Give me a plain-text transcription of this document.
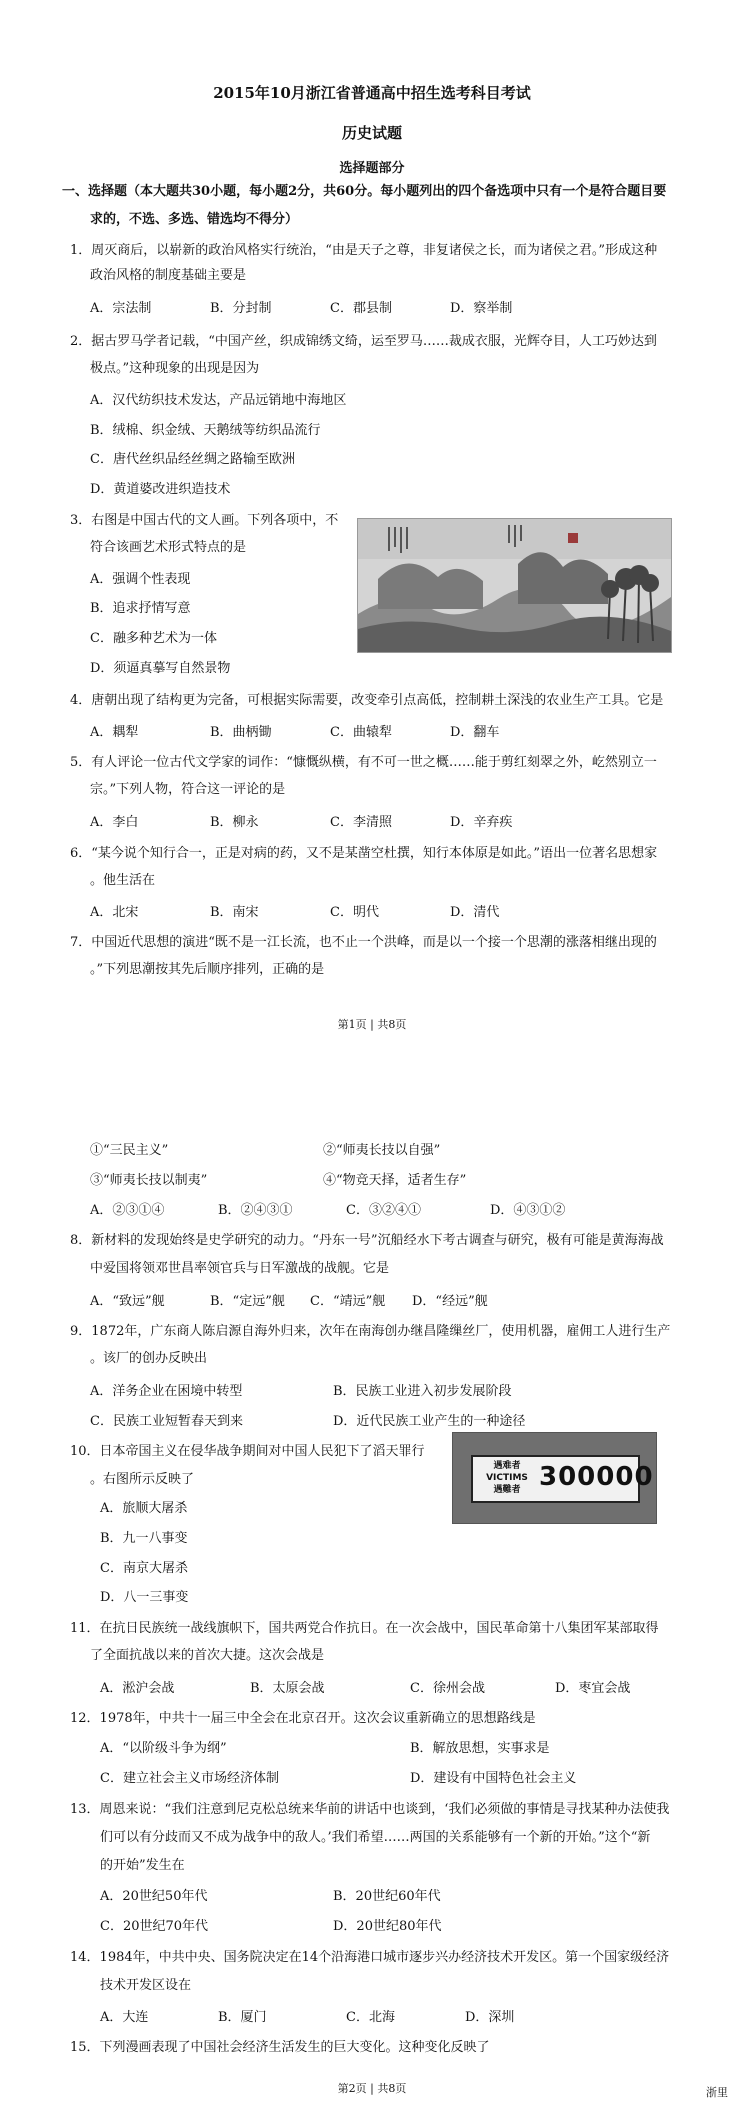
2015年10月浙江省普通高中招生选考科目考试
历史试题
选择题部分
一、选择题（本大题共30小题，每小题2分，共60分。每小题列出的四个备选项中只有一个是符合题目要
求的，不选、多选、错选均不得分）
1．周灭商后，以崭新的政治风格实行统治，“由是天子之尊，非复诸侯之长，而为诸侯之君。”形成这种
政治风格的制度基础主要是
A．宗法制	B．分封制	C．郡县制	D．察举制
2．据古罗马学者记载，“中国产丝，织成锦绣文绮，运至罗马……裁成衣服，光辉夺目，人工巧妙达到
极点。”这种现象的出现是因为
A．汉代纺织技术发达，产品远销地中海地区
B．绒棉、织金绒、天鹅绒等纺织品流行
C．唐代丝织品经丝绸之路输至欧洲
D．黄道婆改进织造技术
3．右图是中国古代的文人画。下列各项中，不
符合该画艺术形式特点的是
A．强调个性表现
B．追求抒情写意
C．融多种艺术为一体
D．须逼真摹写自然景物
4．唐朝出现了结构更为完备，可根据实际需要，改变牵引点高低，控制耕土深浅的农业生产工具。它是
A．耦犁	B．曲柄锄	C．曲辕犁	D．翻车
5．有人评论一位古代文学家的词作：“慷慨纵横，有不可一世之概……能于剪红刻翠之外，屹然别立一
宗。”下列人物，符合这一评论的是
A．李白	B．柳永	C．李清照	D．辛弃疾
6．“某今说个知行合一，正是对病的药，又不是某凿空杜撰，知行本体原是如此。”语出一位著名思想家
。他生活在
A．北宋	B．南宋	C．明代	D．清代
7．中国近代思想的演进“既不是一江长流，也不止一个洪峰，而是以一个接一个思潮的涨落相继出现的
。”下列思潮按其先后顺序排列，正确的是
第1页 | 共8页
①“三民主义”	②“师夷长技以自强”
③“师夷长技以制夷”	④“物竞天择，适者生存”
A．②③①④	B．②④③①	C．③②④①	D．④③①②
8．新材料的发现始终是史学研究的动力。“丹东一号”沉船经水下考古调查与研究，极有可能是黄海海战
中爱国将领邓世昌率领官兵与日军激战的战舰。它是
A．“致远”舰	B．“定远”舰 C．“靖远”舰 D．“经远”舰
9．1872年，广东商人陈启源自海外归来，次年在南海创办继昌隆缫丝厂，使用机器，雇佣工人进行生产
。该厂的创办反映出
A．洋务企业在困境中转型	B．民族工业进入初步发展阶段
C．民族工业短暂春天到来	D．近代民族工业产生的一种途径
10．日本帝国主义在侵华战争期间对中国人民犯下了滔天罪行
。右图所示反映了
A．旅顺大屠杀
B．九一八事变
C．南京大屠杀
D．八一三事变
遇难者
VICTIMS
遇難者 300000
11．在抗日民族统一战线旗帜下，国共两党合作抗日。在一次会战中，国民革命第十八集团军某部取得
了全面抗战以来的首次大捷。这次会战是
A．淞沪会战	B．太原会战	C．徐州会战	D．枣宜会战
12．1978年，中共十一届三中全会在北京召开。这次会议重新确立的思想路线是
A．“以阶级斗争为纲”	B．解放思想，实事求是
C．建立社会主义市场经济体制	D．建设有中国特色社会主义
13．周恩来说：“我们注意到尼克松总统来华前的讲话中也谈到，‘我们必须做的事情是寻找某种办法使我
们可以有分歧而又不成为战争中的敌人。’我们希望……两国的关系能够有一个新的开始。”这个“新
的开始”发生在
A．20世纪50年代	B．20世纪60年代
C．20世纪70年代	D．20世纪80年代
14．1984年，中共中央、国务院决定在14个沿海港口城市逐步兴办经济技术开发区。第一个国家级经济
技术开发区设在
A．大连	B．厦门	C．北海	D．深圳
15．下列漫画表现了中国社会经济生活发生的巨大变化。这种变化反映了
第2页 | 共8页	浙里
